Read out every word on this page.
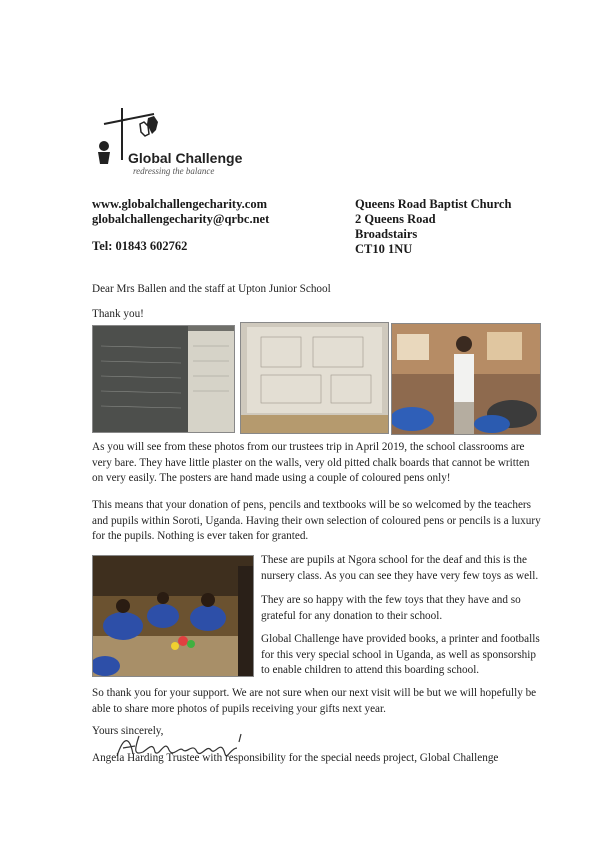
Global Challenge
redressing the balance
www.globalchallengecharity.com
globalchallengecharity@qrbc.net
Tel: 01843 602762
Queens Road Baptist Church
2 Queens Road
Broadstairs
CT10 1NU
Dear Mrs Ballen and the staff at Upton Junior School
Thank you!
As you will see from these photos from our trustees trip in April 2019, the school classrooms are very bare. They have little plaster on the walls, very old pitted chalk boards that cannot be written on very easily. The posters are hand made using a couple of coloured pens only!
This means that your donation of pens, pencils and textbooks will be so welcomed by the teachers and pupils within Soroti, Uganda. Having their own selection of coloured pens or pencils is a luxury for the pupils. Nothing is ever taken for granted.
These are pupils at Ngora school for the deaf and this is the nursery class. As you can see they have very few toys as well.
They are so happy with the few toys that they have and so grateful for any donation to their school.
Global Challenge have provided books, a printer and footballs for this very special school in Uganda, as well as sponsorship to enable children to attend this boarding school.
So thank you for your support. We are not sure when our next visit will be but we will hopefully be able to share more photos of pupils receiving your gifts next year.
Yours sincerely,
Angela Harding Trustee with responsibility for the special needs project, Global Challenge
